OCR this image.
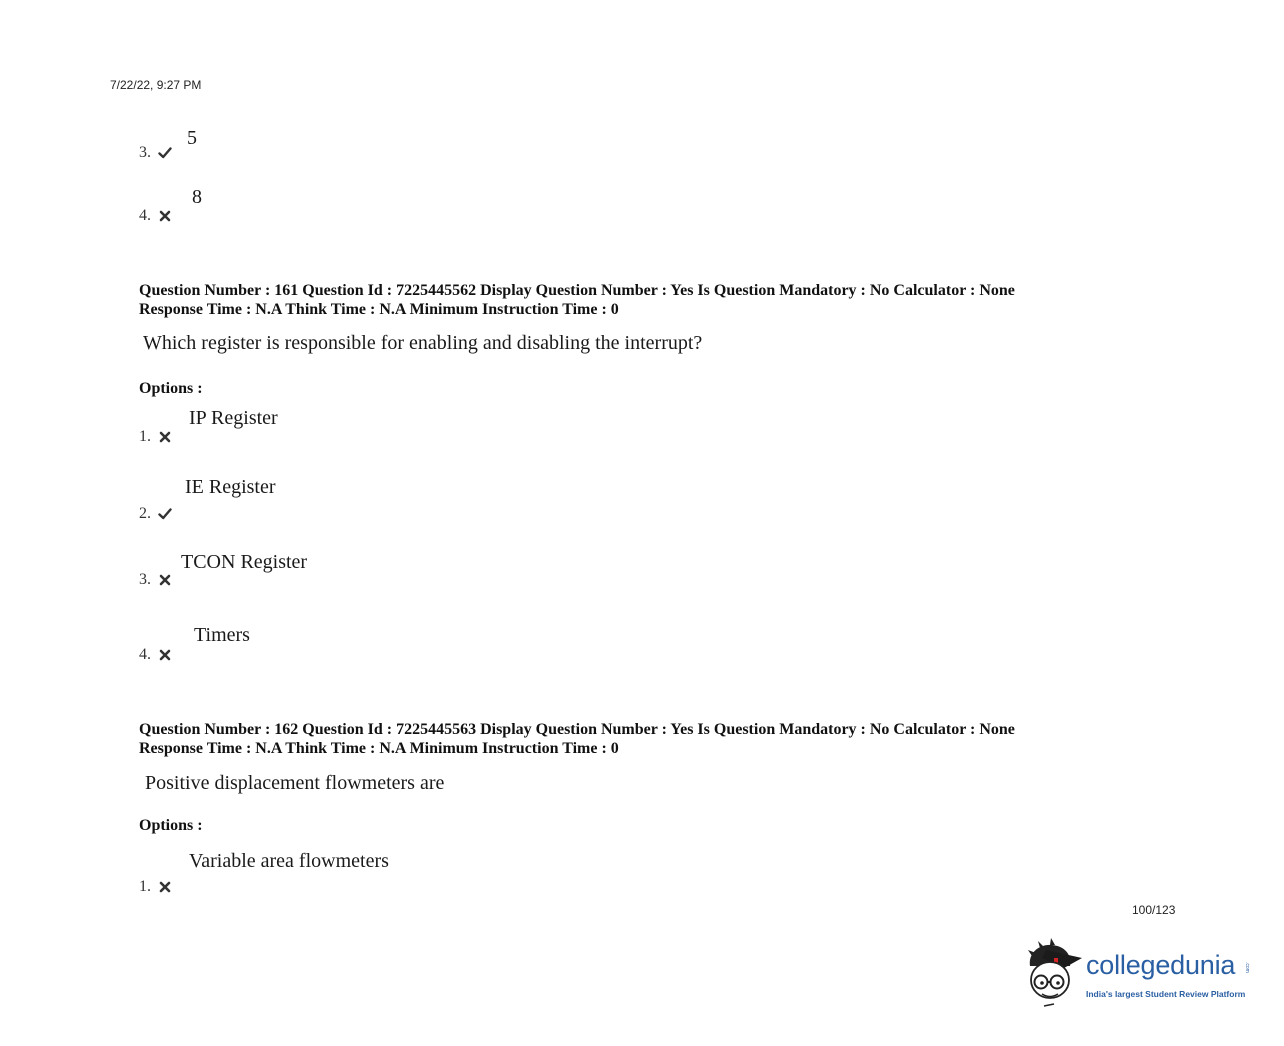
7/22/22, 9:27 PM
3.
5
4.
8
Question Number : 161 Question Id : 7225445562 Display Question Number : Yes Is Question Mandatory : No Calculator : None
Response Time : N.A Think Time : N.A Minimum Instruction Time : 0
Which register is responsible for enabling and disabling the interrupt?
Options :
1.
IP Register
2.
IE Register
3.
TCON Register
4.
Timers
Question Number : 162 Question Id : 7225445563 Display Question Number : Yes Is Question Mandatory : No Calculator : None
Response Time : N.A Think Time : N.A Minimum Instruction Time : 0
Positive displacement flowmeters are
Options :
1.
Variable area flowmeters
100/123
collegedunia .com
India's largest Student Review Platform
